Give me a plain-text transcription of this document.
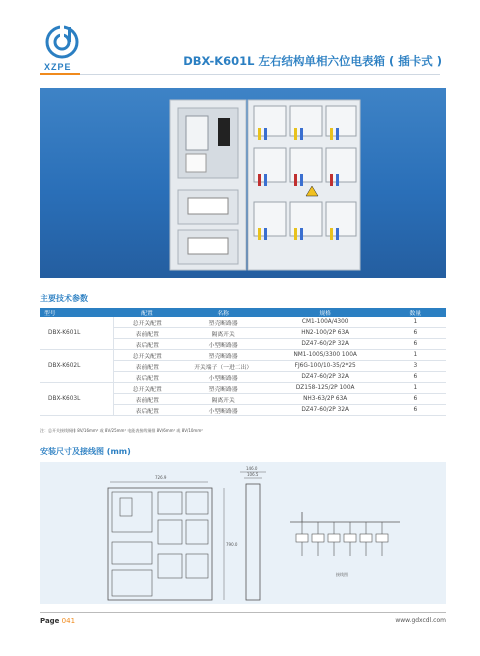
XZPE	DBX-K601L 左右结构单相六位电表箱 ( 插卡式 )
主要技术参数
型号	配置	名称	规格	数量
DBX-K601L	总开关配置	塑壳断路器	CM1-100A/4300	1
	表前配置	隔离开关	HN2-100/2P 63A	6
	表后配置	小型断路器	DZ47-60/2P 32A	6
DBX-K602L	总开关配置	塑壳断路器	NM1-100S/3300 100A	1
	表前配置	开关端子（一进二出）	FJ6G-100/10-35/2*25	3
	表后配置	小型断路器	DZ47-60/2P 32A	6
DBX-K603L	总开关配置	塑壳断路器	DZ158-125/2P 100A	1
	表前配置	隔离开关	NH3-63/2P 63A	6
	表后配置	小型断路器	DZ47-60/2P 32A	6
注：总开关接线铜排 8V/16mm² 或 8V/25mm² 电能表接线铜排 8V/6mm² 或 8V/10mm²
安装尺寸及接线图 (mm)
726.9
790.0
146.0
106.5
接线图
Page 041	www.gdxcdl.com
